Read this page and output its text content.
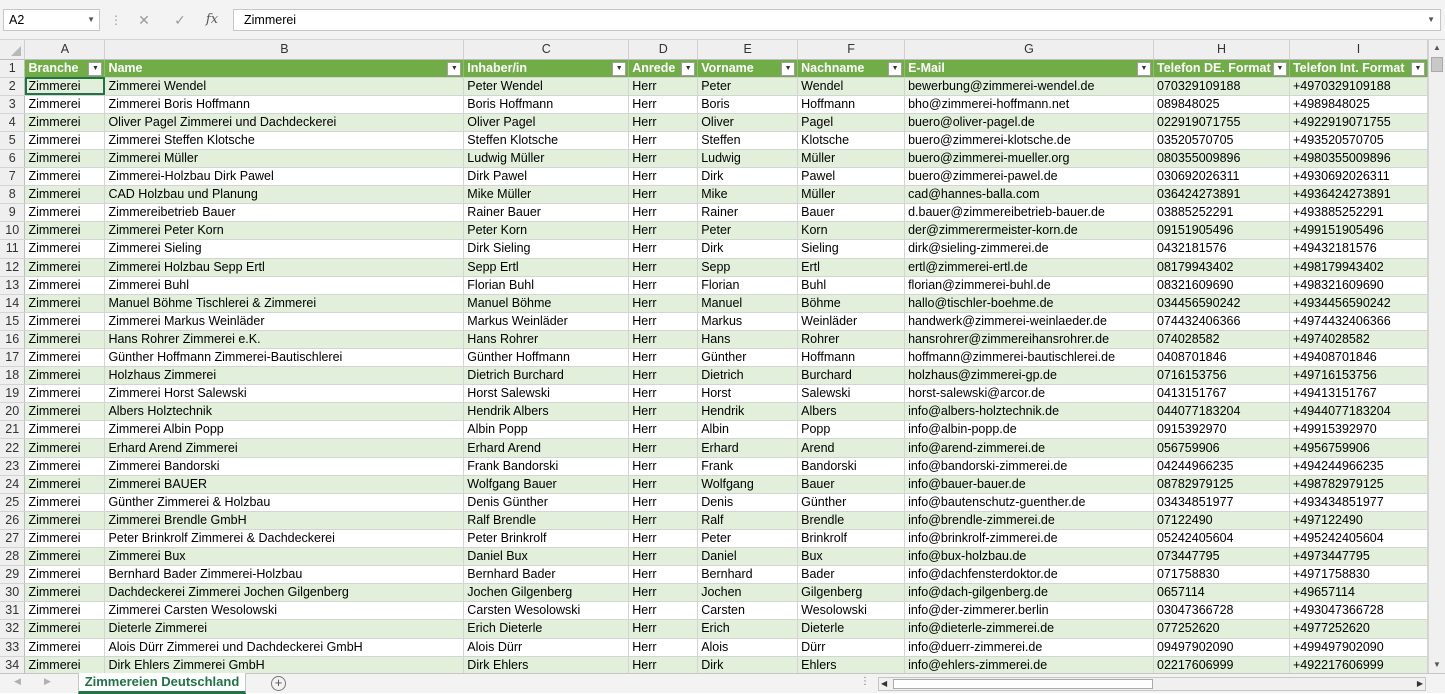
A2	▼ ⋮	✕	✓	fx	Zimmerei	▼
	A	B	C	D	E	F	G	H	I
1	Branche ▼	Name ▼	Inhaber/in ▼	Anrede ▼	Vorname ▼	Nachname ▼	E-Mail ▼	Telefon DE. Format ▼	Telefon Int. Format ▼

2	Zimmerei	Zimmerei Wendel	Peter Wendel	Herr	Peter	Wendel	bewerbung@zimmerei-wendel.de	070329109188	+4970329109188
3	Zimmerei	Zimmerei Boris Hoffmann	Boris Hoffmann	Herr	Boris	Hoffmann	bho@zimmerei-hoffmann.net	089848025	+4989848025
4	Zimmerei	Oliver Pagel Zimmerei und Dachdeckerei	Oliver Pagel	Herr	Oliver	Pagel	buero@oliver-pagel.de	022919071755	+4922919071755
5	Zimmerei	Zimmerei Steffen Klotsche	Steffen Klotsche	Herr	Steffen	Klotsche	buero@zimmerei-klotsche.de	03520570705	+493520570705
6	Zimmerei	Zimmerei Müller	Ludwig Müller	Herr	Ludwig	Müller	buero@zimmerei-mueller.org	080355009896	+4980355009896
7	Zimmerei	Zimmerei-Holzbau Dirk Pawel	Dirk Pawel	Herr	Dirk	Pawel	buero@zimmerei-pawel.de	030692026311	+4930692026311
8	Zimmerei	CAD Holzbau und Planung	Mike Müller	Herr	Mike	Müller	cad@hannes-balla.com	036424273891	+4936424273891
9	Zimmerei	Zimmereibetrieb Bauer	Rainer Bauer	Herr	Rainer	Bauer	d.bauer@zimmereibetrieb-bauer.de	03885252291	+493885252291
10	Zimmerei	Zimmerei Peter Korn	Peter Korn	Herr	Peter	Korn	der@zimmerermeister-korn.de	09151905496	+499151905496
11	Zimmerei	Zimmerei Sieling	Dirk Sieling	Herr	Dirk	Sieling	dirk@sieling-zimmerei.de	0432181576	+49432181576
12	Zimmerei	Zimmerei Holzbau Sepp Ertl	Sepp Ertl	Herr	Sepp	Ertl	ertl@zimmerei-ertl.de	08179943402	+498179943402
13	Zimmerei	Zimmerei Buhl	Florian Buhl	Herr	Florian	Buhl	florian@zimmerei-buhl.de	08321609690	+498321609690
14	Zimmerei	Manuel Böhme Tischlerei & Zimmerei	Manuel Böhme	Herr	Manuel	Böhme	hallo@tischler-boehme.de	034456590242	+4934456590242
15	Zimmerei	Zimmerei Markus Weinläder	Markus Weinläder	Herr	Markus	Weinläder	handwerk@zimmerei-weinlaeder.de	074432406366	+4974432406366
16	Zimmerei	Hans Rohrer Zimmerei e.K.	Hans Rohrer	Herr	Hans	Rohrer	hansrohrer@zimmereihansrohrer.de	074028582	+4974028582
17	Zimmerei	Günther Hoffmann Zimmerei-Bautischlerei	Günther Hoffmann	Herr	Günther	Hoffmann	hoffmann@zimmerei-bautischlerei.de	0408701846	+49408701846
18	Zimmerei	Holzhaus Zimmerei	Dietrich Burchard	Herr	Dietrich	Burchard	holzhaus@zimmerei-gp.de	0716153756	+49716153756
19	Zimmerei	Zimmerei Horst Salewski	Horst Salewski	Herr	Horst	Salewski	horst-salewski@arcor.de	0413151767	+49413151767
20	Zimmerei	Albers Holztechnik	Hendrik Albers	Herr	Hendrik	Albers	info@albers-holztechnik.de	044077183204	+4944077183204
21	Zimmerei	Zimmerei Albin Popp	Albin Popp	Herr	Albin	Popp	info@albin-popp.de	0915392970	+49915392970
22	Zimmerei	Erhard Arend Zimmerei	Erhard Arend	Herr	Erhard	Arend	info@arend-zimmerei.de	056759906	+4956759906
23	Zimmerei	Zimmerei Bandorski	Frank Bandorski	Herr	Frank	Bandorski	info@bandorski-zimmerei.de	04244966235	+494244966235
24	Zimmerei	Zimmerei BAUER	Wolfgang Bauer	Herr	Wolfgang	Bauer	info@bauer-bauer.de	08782979125	+498782979125
25	Zimmerei	Günther Zimmerei & Holzbau	Denis Günther	Herr	Denis	Günther	info@bautenschutz-guenther.de	03434851977	+493434851977
26	Zimmerei	Zimmerei Brendle GmbH	Ralf Brendle	Herr	Ralf	Brendle	info@brendle-zimmerei.de	07122490	+497122490
27	Zimmerei	Peter Brinkrolf Zimmerei & Dachdeckerei	Peter Brinkrolf	Herr	Peter	Brinkrolf	info@brinkrolf-zimmerei.de	05242405604	+495242405604
28	Zimmerei	Zimmerei Bux	Daniel Bux	Herr	Daniel	Bux	info@bux-holzbau.de	073447795	+4973447795
29	Zimmerei	Bernhard Bader Zimmerei-Holzbau	Bernhard Bader	Herr	Bernhard	Bader	info@dachfensterdoktor.de	071758830	+4971758830
30	Zimmerei	Dachdeckerei Zimmerei Jochen Gilgenberg	Jochen Gilgenberg	Herr	Jochen	Gilgenberg	info@dach-gilgenberg.de	0657114	+49657114
31	Zimmerei	Zimmerei Carsten Wesolowski	Carsten Wesolowski	Herr	Carsten	Wesolowski	info@der-zimmerer.berlin	03047366728	+493047366728
32	Zimmerei	Dieterle Zimmerei	Erich Dieterle	Herr	Erich	Dieterle	info@dieterle-zimmerei.de	077252620	+4977252620
33	Zimmerei	Alois Dürr Zimmerei und Dachdeckerei GmbH	Alois Dürr	Herr	Alois	Dürr	info@duerr-zimmerei.de	09497902090	+499497902090
34	Zimmerei	Dirk Ehlers Zimmerei GmbH	Dirk Ehlers	Herr	Dirk	Ehlers	info@ehlers-zimmerei.de	02217606999	+492217606999
▲
▼
◀	▶	Zimmereien Deutschland	+	⋮ ◀	▶
